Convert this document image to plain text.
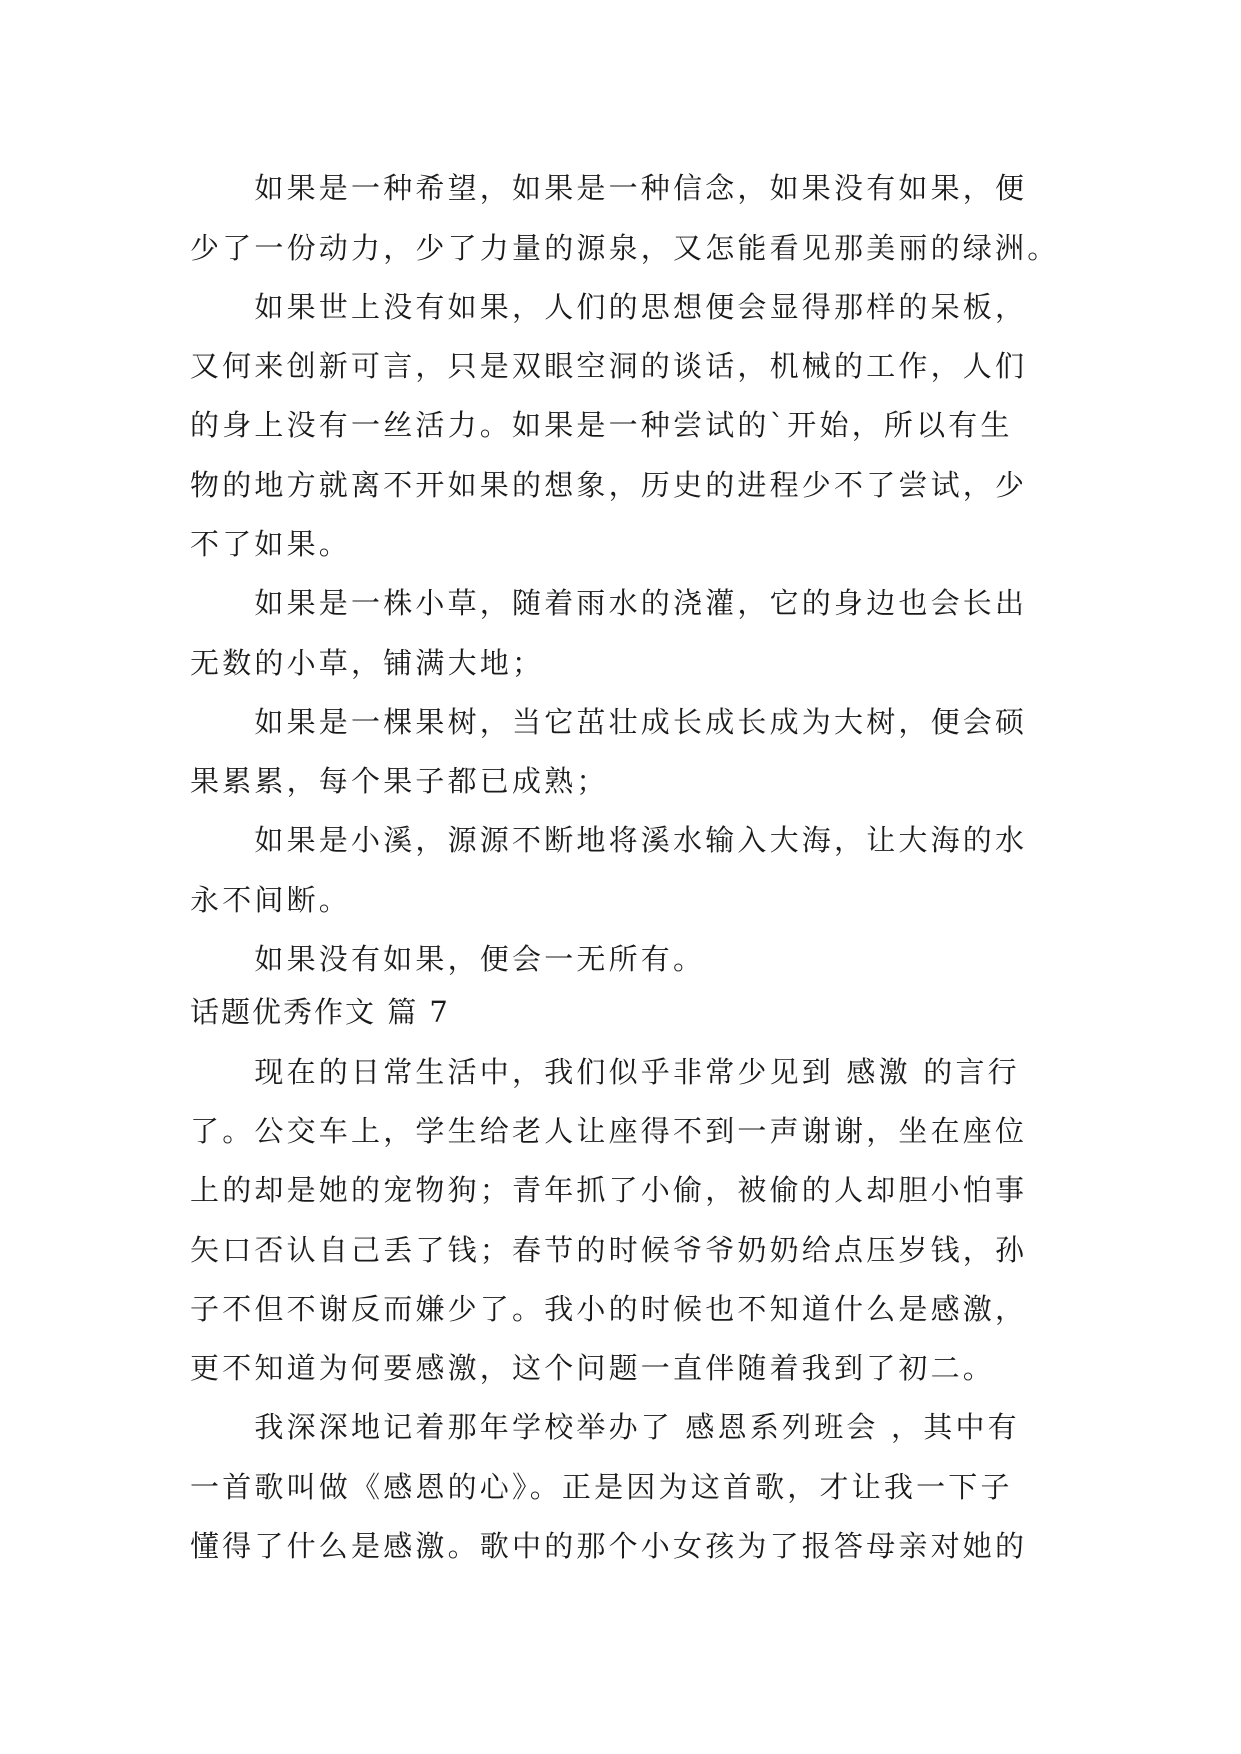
　　如果是一种希望，如果是一种信念，如果没有如果，便
少了一份动力，少了力量的源泉，又怎能看见那美丽的绿洲。
　　如果世上没有如果，人们的思想便会显得那样的呆板，
又何来创新可言，只是双眼空洞的谈话，机械的工作，人们
的身上没有一丝活力。如果是一种尝试的`开始，所以有生
物的地方就离不开如果的想象，历史的进程少不了尝试，少
不了如果。
　　如果是一株小草，随着雨水的浇灌，它的身边也会长出
无数的小草，铺满大地；
　　如果是一棵果树，当它茁壮成长成长成为大树，便会硕
果累累，每个果子都已成熟；
　　如果是小溪，源源不断地将溪水输入大海，让大海的水
永不间断。
　　如果没有如果，便会一无所有。
话题优秀作文 篇 7
　　现在的日常生活中，我们似乎非常少见到 感激 的言行
了。公交车上，学生给老人让座得不到一声谢谢，坐在座位
上的却是她的宠物狗；青年抓了小偷，被偷的人却胆小怕事
矢口否认自己丢了钱；春节的时候爷爷奶奶给点压岁钱，孙
子不但不谢反而嫌少了。我小的时候也不知道什么是感激，
更不知道为何要感激，这个问题一直伴随着我到了初二。
　　我深深地记着那年学校举办了 感恩系列班会 ，其中有
一首歌叫做《感恩的心》。正是因为这首歌，才让我一下子
懂得了什么是感激。歌中的那个小女孩为了报答母亲对她的
